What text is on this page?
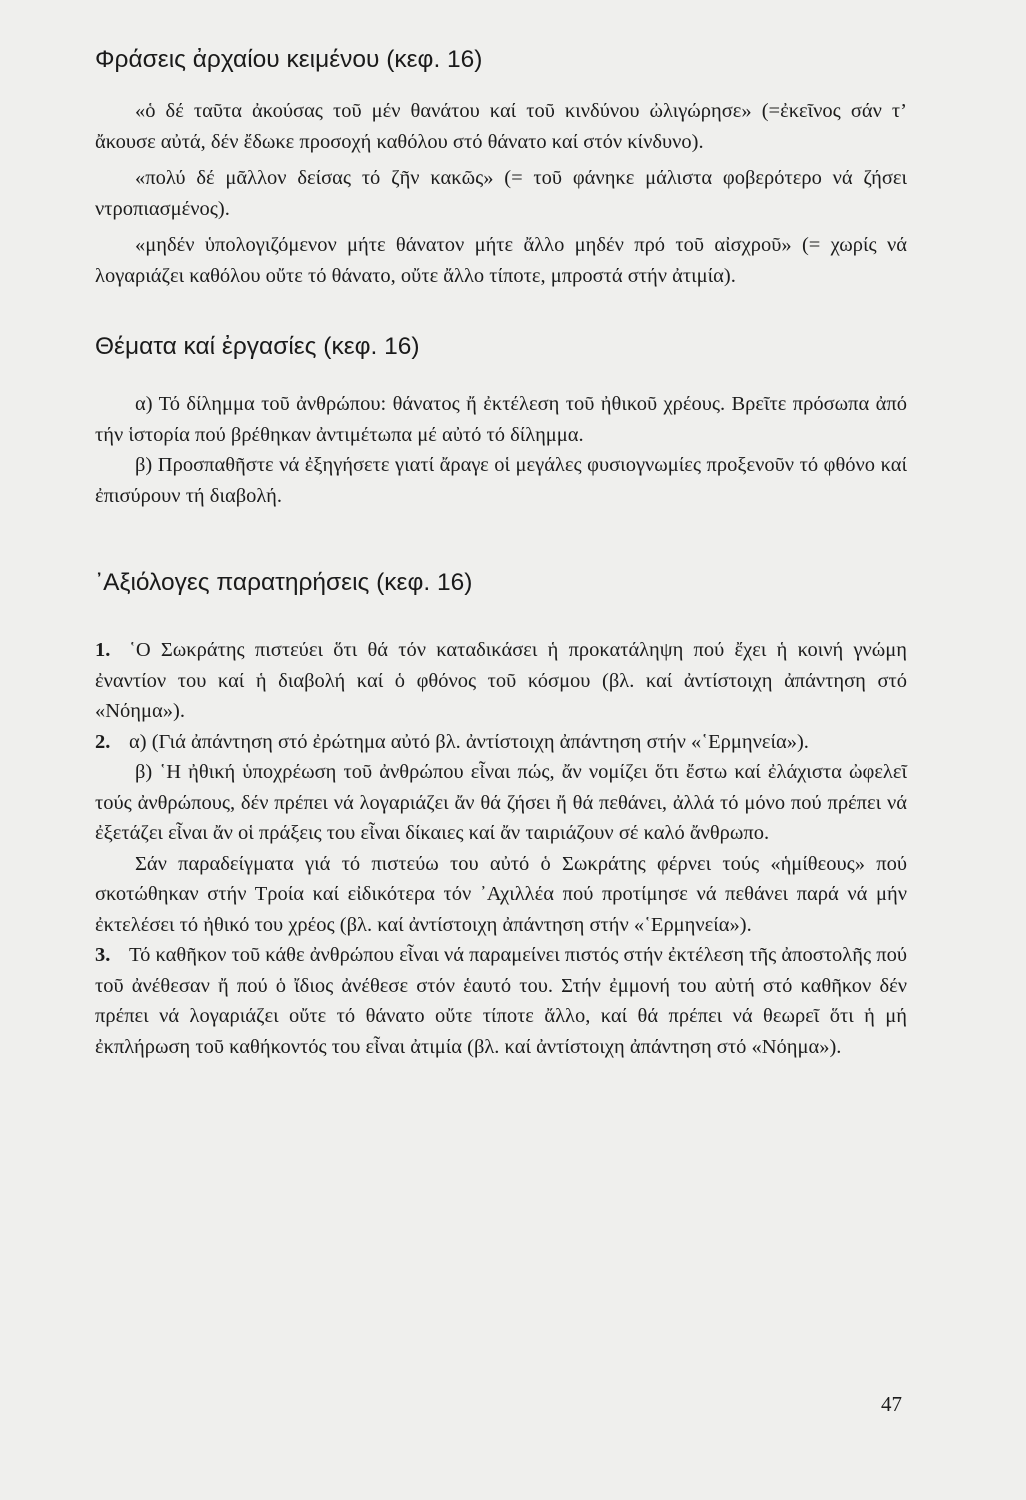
Φράσεις ἀρχαίου κειμένου (κεφ. 16)

«ὁ δέ ταῦτα ἀκούσας τοῦ μέν θανάτου καί τοῦ κινδύνου ὠλιγώρησε» (=ἐκεῖνος σάν τ’ ἄκουσε αὐτά, δέν ἔδωκε προσοχή καθόλου στό θάνατο καί στόν κίνδυνο).

«πολύ δέ μᾶλλον δείσας τό ζῆν κακῶς» (= τοῦ φάνηκε μάλιστα φοβερότερο νά ζήσει ντροπιασμένος).

«μηδέν ὑπολογιζόμενον μήτε θάνατον μήτε ἄλλο μηδέν πρό τοῦ αἰσχροῦ» (= χωρίς νά λογαριάζει καθόλου οὔτε τό θάνατο, οὔτε ἄλλο τίποτε, μπροστά στήν ἀτιμία).

Θέματα καί ἐργασίες (κεφ. 16)

α) Τό δίλημμα τοῦ ἀνθρώπου: θάνατος ἤ ἐκτέλεση τοῦ ἠθικοῦ χρέους. Βρεῖτε πρόσωπα ἀπό τήν ἱστορία πού βρέθηκαν ἀντιμέτωπα μέ αὐτό τό δίλημμα.

β) Προσπαθῆστε νά ἐξηγήσετε γιατί ἄραγε οἱ μεγάλες φυσιογνωμίες προξενοῦν τό φθόνο καί ἐπισύρουν τή διαβολή.

᾿Αξιόλογες παρατηρήσεις (κεφ. 16)

1. ῾Ο Σωκράτης πιστεύει ὅτι θά τόν καταδικάσει ἡ προκατάληψη πού ἔχει ἡ κοινή γνώμη ἐναντίον του καί ἡ διαβολή καί ὁ φθόνος τοῦ κόσμου (βλ. καί ἀντίστοιχη ἀπάντηση στό «Νόημα»).

2. α) (Γιά ἀπάντηση στό ἐρώτημα αὐτό βλ. ἀντίστοιχη ἀπάντηση στήν «῾Ερμηνεία»).

β) ῾Η ἠθική ὑποχρέωση τοῦ ἀνθρώπου εἶναι πώς, ἄν νομίζει ὅτι ἔστω καί ἐλάχιστα ὠφελεῖ τούς ἀνθρώπους, δέν πρέπει νά λογαριάζει ἄν θά ζήσει ἤ θά πεθάνει, ἀλλά τό μόνο πού πρέπει νά ἐξετάζει εἶναι ἄν οἱ πράξεις του εἶναι δίκαιες καί ἄν ταιριάζουν σέ καλό ἄνθρωπο.

Σάν παραδείγματα γιά τό πιστεύω του αὐτό ὁ Σωκράτης φέρνει τούς «ἡμίθεους» πού σκοτώθηκαν στήν Τροία καί εἰδικότερα τόν ᾿Αχιλλέα πού προτίμησε νά πεθάνει παρά νά μήν ἐκτελέσει τό ἠθικό του χρέος (βλ. καί ἀντίστοιχη ἀπάντηση στήν «῾Ερμηνεία»).

3. Τό καθῆκον τοῦ κάθε ἀνθρώπου εἶναι νά παραμείνει πιστός στήν ἐκτέλεση τῆς ἀποστολῆς πού τοῦ ἀνέθεσαν ἤ πού ὁ ἴδιος ἀνέθεσε στόν ἑαυτό του. Στήν ἐμμονή του αὐτή στό καθῆκον δέν πρέπει νά λογαριάζει οὔτε τό θάνατο οὔτε τίποτε ἄλλο, καί θά πρέπει νά θεωρεῖ ὅτι ἡ μή ἐκπλήρωση τοῦ καθήκοντός του εἶναι ἀτιμία (βλ. καί ἀντίστοιχη ἀπάντηση στό «Νόημα»).

47
